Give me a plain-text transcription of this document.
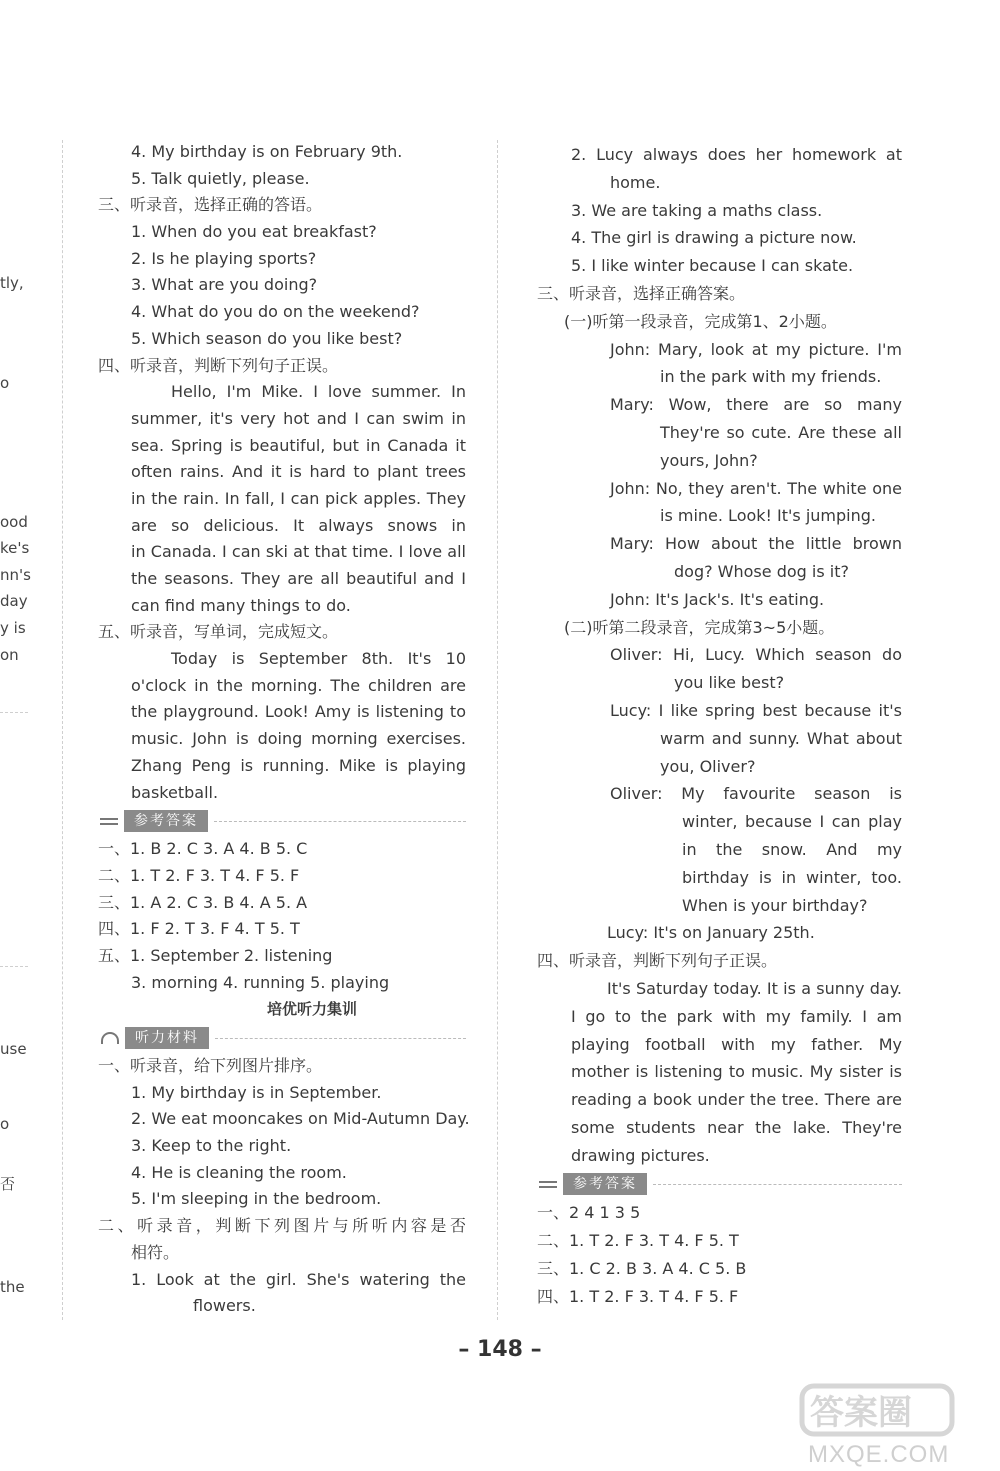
tly,
o
ood
ke's
nn's
day
y is
on
use
o
否
the
4. My birthday is on February 9th.
5. Talk quietly, please.
三、听录音，选择正确的答语。
1. When do you eat breakfast?
2. Is he playing sports?
3. What are you doing?
4. What do you do on the weekend?
5. Which season do you like best?
四、听录音，判断下列句子正误。
Hello, I'm Mike. I love summer. In
summer, it's very hot and I can swim in
sea. Spring is beautiful, but in Canada it
often rains. And it is hard to plant trees
in the rain. In fall, I can pick apples. They
are so delicious. It always snows in
in Canada. I can ski at that time. I love all
the seasons. They are all beautiful and I
can find many things to do.
五、听录音，写单词，完成短文。
Today is September 8th. It's 10
o'clock in the morning. The children are
the playground. Look! Amy is listening to
music. John is doing morning exercises.
Zhang Peng is running. Mike is playing
basketball.
参考答案
一、1. B 2. C 3. A 4. B 5. C
二、1. T 2. F 3. T 4. F 5. F
三、1. A 2. C 3. B 4. A 5. A
四、1. F 2. T 3. F 4. T 5. T
五、1. September 2. listening
3. morning 4. running 5. playing
培优听力集训
听力材料
一、听录音，给下列图片排序。
1. My birthday is in September.
2. We eat mooncakes on Mid-Autumn Day.
3. Keep to the right.
4. He is cleaning the room.
5. I'm sleeping in the bedroom.
二、听录音，判断下列图片与所听内容是否
相符。
1. Look at the girl. She's watering the
flowers.
2. Lucy always does her homework at
home.
3. We are taking a maths class.
4. The girl is drawing a picture now.
5. I like winter because I can skate.
三、听录音，选择正确答案。
(一)听第一段录音，完成第1、2小题。
John: Mary, look at my picture. I'm
in the park with my friends.
Mary: Wow, there are so many
They're so cute. Are these all
yours, John?
John: No, they aren't. The white one
is mine. Look! It's jumping.
Mary: How about the little brown
dog? Whose dog is it?
John: It's Jack's. It's eating.
(二)听第二段录音，完成第3~5小题。
Oliver: Hi, Lucy. Which season do
you like best?
Lucy: I like spring best because it's
warm and sunny. What about
you, Oliver?
Oliver: My favourite season is
winter, because I can play
in the snow. And my
birthday is in winter, too.
When is your birthday?
Lucy: It's on January 25th.
四、听录音，判断下列句子正误。
It's Saturday today. It is a sunny day.
I go to the park with my family. I am
playing football with my father. My
mother is listening to music. My sister is
reading a book under the tree. There are
some students near the lake. They're
drawing pictures.
参考答案
一、2 4 1 3 5
二、1. T 2. F 3. T 4. F 5. T
三、1. C 2. B 3. A 4. C 5. B
四、1. T 2. F 3. T 4. F 5. F
– 148 –
答案圈
MXQE.COM
